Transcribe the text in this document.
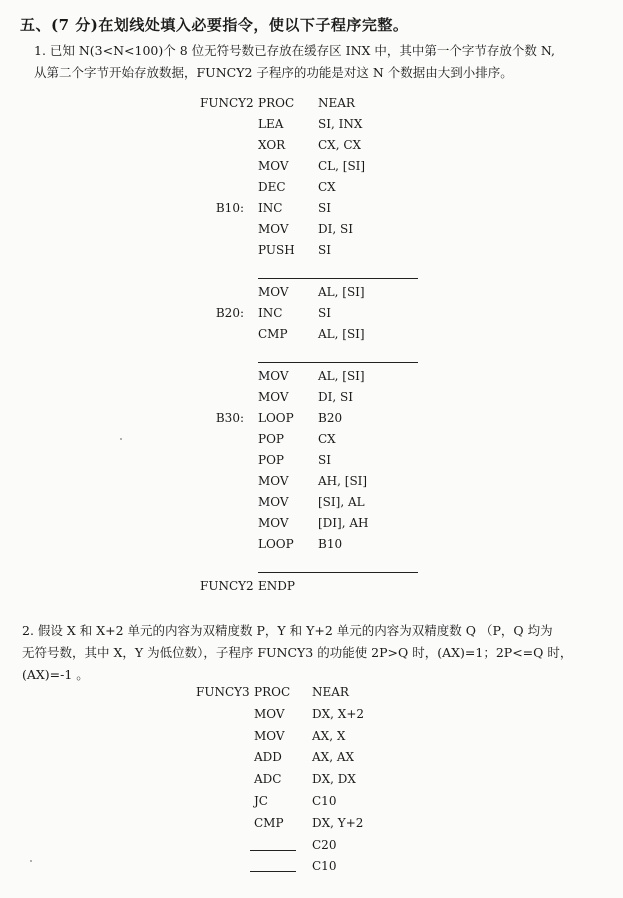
五、(7 分)在划线处填入必要指令，使以下子程序完整。
1. 已知 N(3<N<100)个 8 位无符号数已存放在缓存区 INX 中，其中第一个字节存放个数 N,
从第二个字节开始存放数据，FUNCY2 子程序的功能是对这 N 个数据由大到小排序。
FUNCY2 PROC NEAR
LEA	SI, INX
XOR	CX, CX
MOV CL, [SI]
DEC	CX
B10: INC	SI
MOV DI, SI
PUSH SI
MOV AL, [SI]
B20: INC	SI
CMP	AL, [SI]
MOV AL, [SI]
MOV DI, SI
B30: LOOP B20
POP	CX
POP	SI
MOV AH, [SI]
MOV [SI], AL
MOV [DI], AH
LOOP B10
FUNCY2 ENDP
2. 假设 X 和 X+2 单元的内容为双精度数 P，Y 和 Y+2 单元的内容为双精度数 Q （P，Q 均为
无符号数，其中 X，Y 为低位数），子程序 FUNCY3 的功能使 2P>Q 时，(AX)=1；2P<=Q 时，
(AX)=-1 。
FUNCY3 PROC NEAR
MOV DX, X+2
MOV AX, X
ADD	AX, AX
ADC	DX, DX
JC	C10
CMP DX, Y+2
C20
C10
